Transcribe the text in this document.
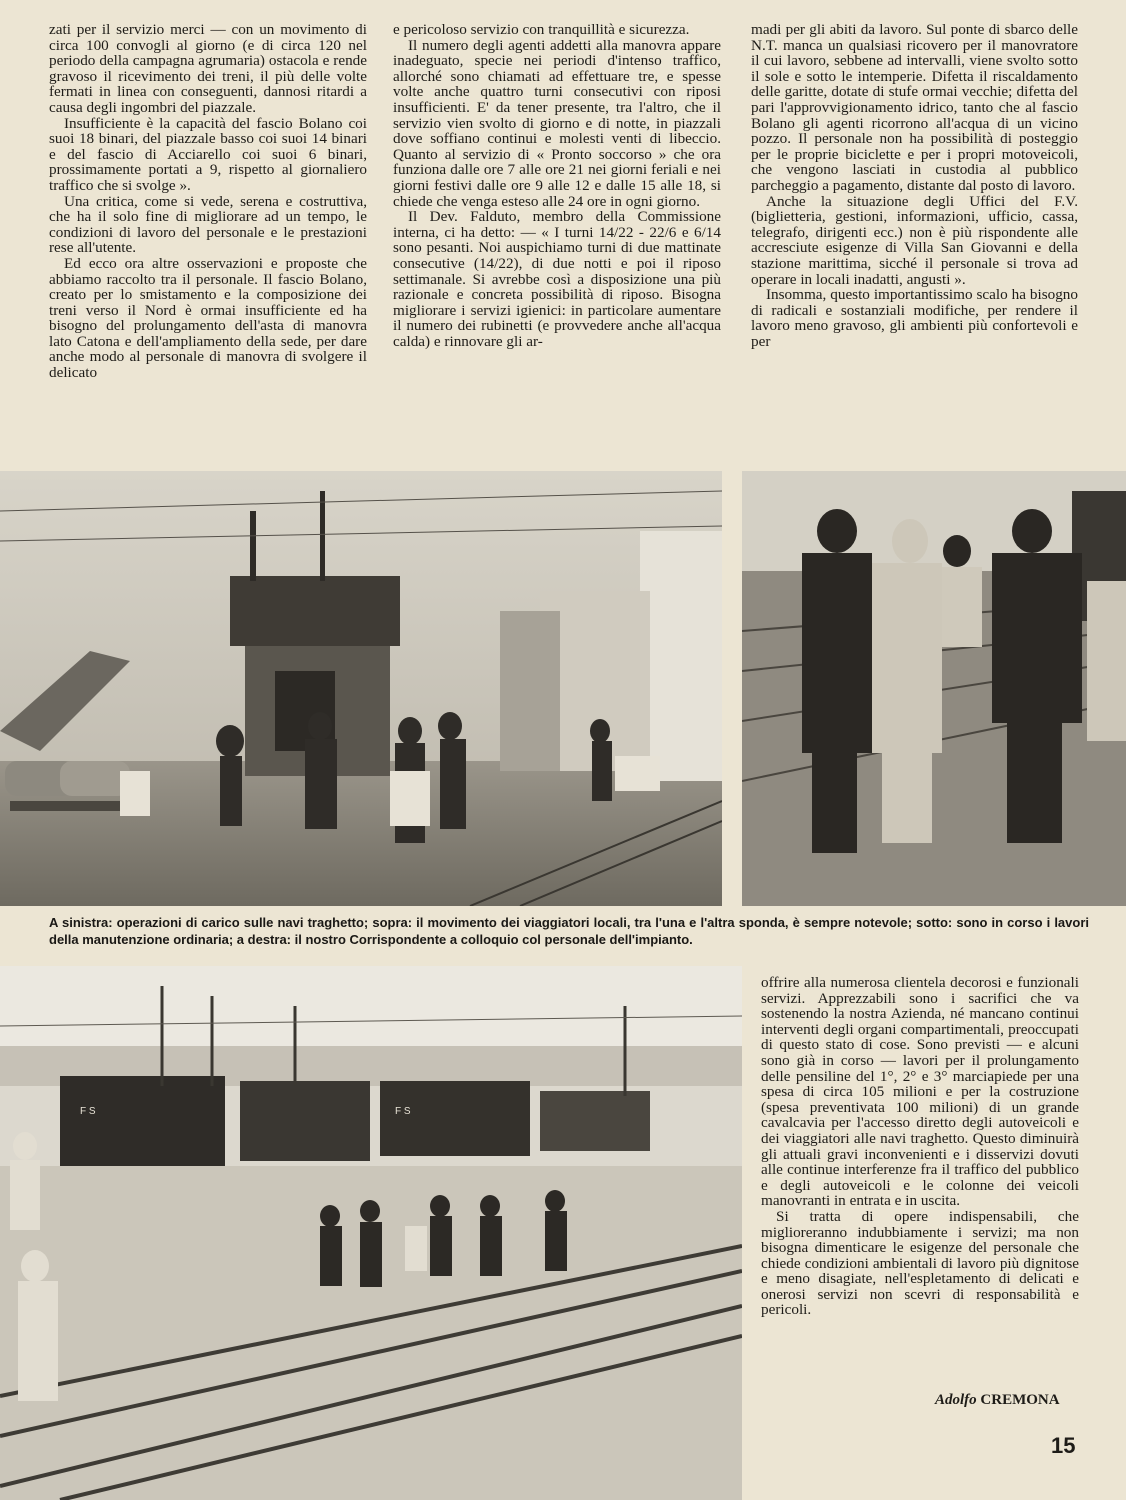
zati per il servizio merci — con un movimento di circa 100 convogli al giorno (e di circa 120 nel periodo della campagna agrumaria) ostacola e rende gravoso il ricevimento dei treni, il più delle volte fermati in linea con conseguenti, dannosi ritardi a causa degli ingombri del piazzale.

Insufficiente è la capacità del fascio Bolano coi suoi 18 binari, del piazzale basso coi suoi 14 binari e del fascio di Acciarello coi suoi 6 binari, prossimamente portati a 9, rispetto al giornaliero traffico che si svolge ».

Una critica, come si vede, serena e costruttiva, che ha il solo fine di migliorare ad un tempo, le condizioni di lavoro del personale e le prestazioni rese all'utente.

Ed ecco ora altre osservazioni e proposte che abbiamo raccolto tra il personale. Il fascio Bolano, creato per lo smistamento e la composizione dei treni verso il Nord è ormai insufficiente ed ha bisogno del prolungamento dell'asta di manovra lato Catona e dell'ampliamento della sede, per dare anche modo al personale di manovra di svolgere il delicato

e pericoloso servizio con tranquillità e sicurezza.

Il numero degli agenti addetti alla manovra appare inadeguato, specie nei periodi d'intenso traffico, allorché sono chiamati ad effettuare tre, e spesse volte anche quattro turni consecutivi con riposi insufficienti. E' da tener presente, tra l'altro, che il servizio vien svolto di giorno e di notte, in piazzali dove soffiano continui e molesti venti di libeccio. Quanto al servizio di « Pronto soccorso » che ora funziona dalle ore 7 alle ore 21 nei giorni feriali e nei giorni festivi dalle ore 9 alle 12 e dalle 15 alle 18, si chiede che venga esteso alle 24 ore in ogni giorno.

Il Dev. Falduto, membro della Commissione interna, ci ha detto: — « I turni 14/22 - 22/6 e 6/14 sono pesanti. Noi auspichiamo turni di due mattinate consecutive (14/22), di due notti e poi il riposo settimanale. Si avrebbe così a disposizione una più razionale e concreta possibilità di riposo. Bisogna migliorare i servizi igienici: in particolare aumentare il numero dei rubinetti (e provvedere anche all'acqua calda) e rinnovare gli ar-

madi per gli abiti da lavoro. Sul ponte di sbarco delle N.T. manca un qualsiasi ricovero per il manovratore il cui lavoro, sebbene ad intervalli, viene svolto sotto il sole e sotto le intemperie. Difetta il riscaldamento delle garitte, dotate di stufe ormai vecchie; difetta del pari l'approvvigionamento idrico, tanto che al fascio Bolano gli agenti ricorrono all'acqua di un vicino pozzo. Il personale non ha possibilità di posteggio per le proprie biciclette e per i propri motoveicoli, che vengono lasciati in custodia al pubblico parcheggio a pagamento, distante dal posto di lavoro.

Anche la situazione degli Uffici del F.V. (biglietteria, gestioni, informazioni, ufficio, cassa, telegrafo, dirigenti ecc.) non è più rispondente alle accresciute esigenze di Villa San Giovanni e della stazione marittima, sicché il personale si trova ad operare in locali inadatti, angusti ».

Insomma, questo importantissimo scalo ha bisogno di radicali e sostanziali modifiche, per rendere il lavoro meno gravoso, gli ambienti più confortevoli e per

A sinistra: operazioni di carico sulle navi traghetto; sopra: il movimento dei viaggiatori locali, tra l'una e l'altra sponda, è sempre notevole; sotto: sono in corso i lavori della manutenzione ordinaria; a destra: il nostro Corrispondente a colloquio col personale dell'impianto.
F S	F S

offrire alla numerosa clientela decorosi e funzionali servizi. Apprezzabili sono i sacrifici che va sostenendo la nostra Azienda, né mancano continui interventi degli organi compartimentali, preoccupati di questo stato di cose. Sono previsti — e alcuni sono già in corso — lavori per il prolungamento delle pensiline del 1°, 2° e 3° marciapiede per una spesa di circa 105 milioni e per la costruzione (spesa preventivata 100 milioni) di un grande cavalcavia per l'accesso diretto degli autoveicoli e dei viaggiatori alle navi traghetto. Questo diminuirà gli attuali gravi inconvenienti e i disservizi dovuti alle continue interferenze fra il traffico del pubblico e degli autoveicoli e le colonne dei veicoli manovranti in entrata e in uscita.

Si tratta di opere indispensabili, che miglioreranno indubbiamente i servizi; ma non bisogna dimenticare le esigenze del personale che chiede condizioni ambientali di lavoro più dignitose e meno disagiate, nell'espletamento di delicati e onerosi servizi non scevri di responsabilità e pericoli.

Adolfo CREMONA
15
